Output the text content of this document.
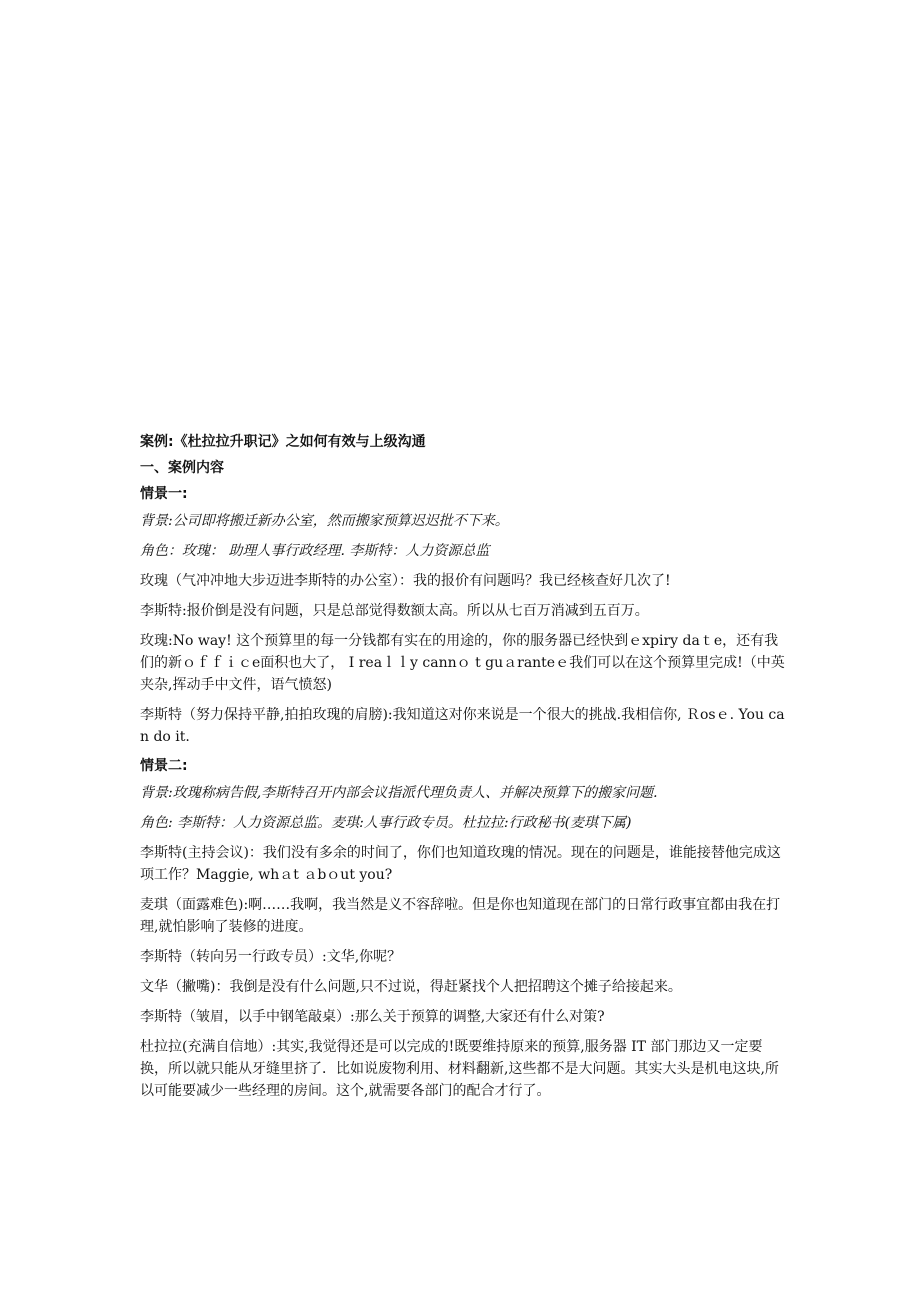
案例:《杜拉拉升职记》之如何有效与上级沟通
一、案例内容
情景一:

背景:公司即将搬迁新办公室，然而搬家预算迟迟批不下来。

角色：玫瑰： 助理人事行政经理. 李斯特：人力资源总监

玫瑰（气冲冲地大步迈进李斯特的办公室）：我的报价有问题吗？我已经核查好几次了!

李斯特:报价倒是没有问题，只是总部觉得数额太高。所以从七百万消减到五百万。

玫瑰:No way! 这个预算里的每一分钱都有实在的用途的，你的服务器已经快到ｅxpiry daｔe，还有我们的新ｏｆｆｉｃe面积也大了， I reaｌｌy cannｏ t guａranteｅ我们可以在这个预算里完成!（中英夹杂,挥动手中文件，语气愤怒)

李斯特（努力保持平静,拍拍玫瑰的肩膀):我知道这对你来说是一个很大的挑战.我相信你, Ｒosｅ. You can do it.

情景二:

背景:玫瑰称病告假,李斯特召开内部会议指派代理负责人、并解决预算下的搬家问题.

角色: 李斯特：人力资源总监。麦琪:人事行政专员。杜拉拉:行政秘书(麦琪下属)

李斯特(主持会议)：我们没有多余的时间了，你们也知道玫瑰的情况。现在的问题是，谁能接替他完成这项工作？Maggie, whａt ａbｏut you?

麦琪（面露难色):啊……我啊，我当然是义不容辞啦。但是你也知道现在部门的日常行政事宜都由我在打理,就怕影响了装修的进度。

李斯特（转向另一行政专员）:文华,你呢？

文华（撇嘴)：我倒是没有什么问题,只不过说，得赶紧找个人把招聘这个摊子给接起来。

李斯特（皱眉，以手中钢笔敲桌）:那么关于预算的调整,大家还有什么对策?

杜拉拉(充满自信地）:其实,我觉得还是可以完成的!既要维持原来的预算,服务器 IT 部门那边又一定要换，所以就只能从牙缝里挤了．比如说废物利用、材料翻新,这些都不是大问题。其实大头是机电这块,所以可能要减少一些经理的房间。这个,就需要各部门的配合才行了。
